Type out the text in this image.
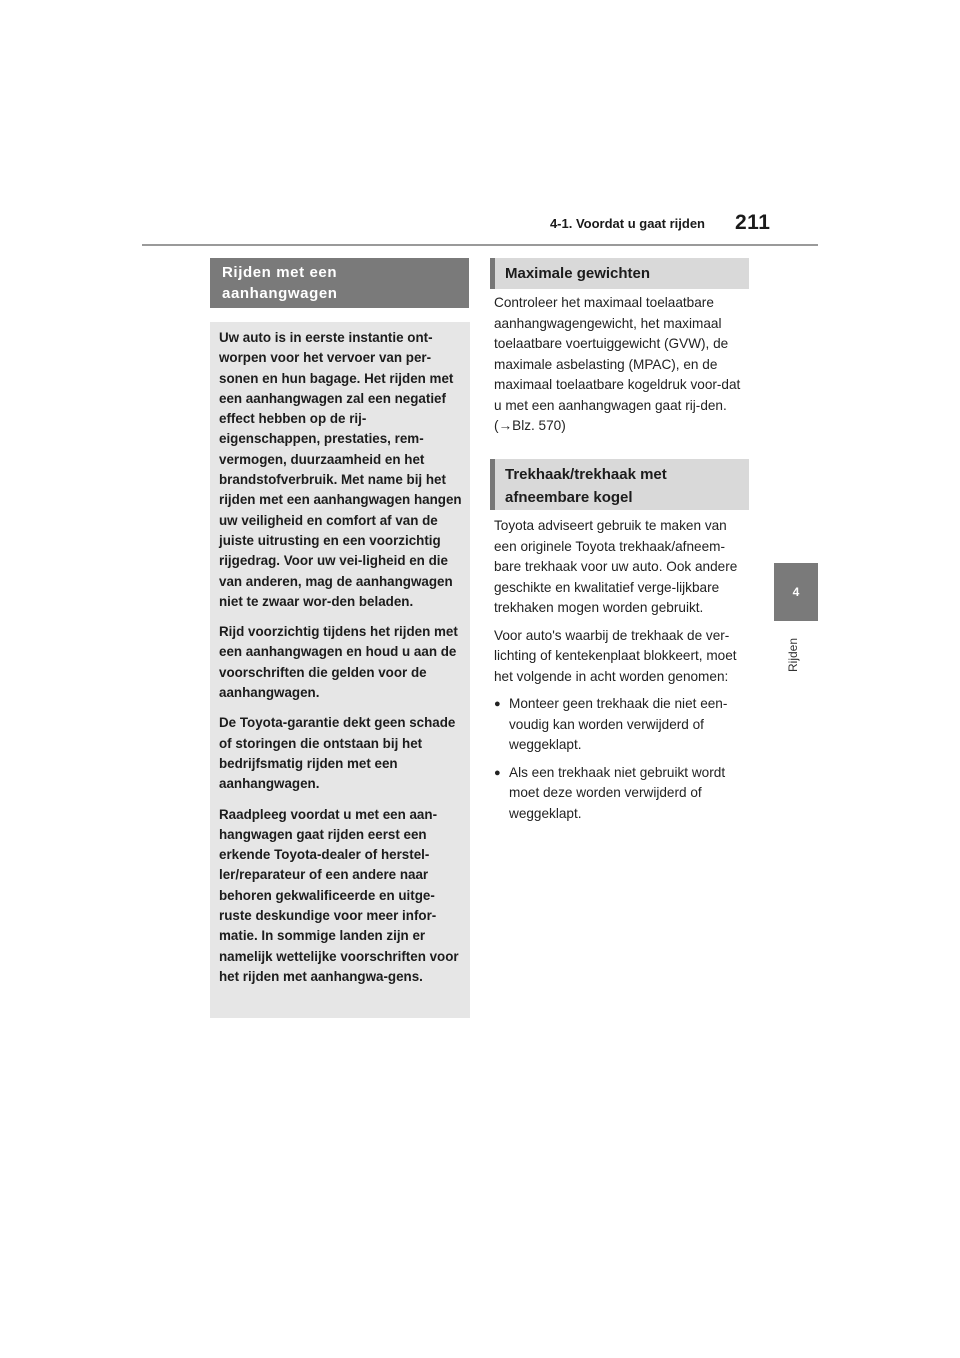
4-1. Voordat u gaat rijden 211
4
Rijden
Rijden met een aanhangwagen

Uw auto is in eerste instantie ont-worpen voor het vervoer van per-sonen en hun bagage. Het rijden met een aanhangwagen zal een negatief effect hebben op de rij-eigenschappen, prestaties, rem-vermogen, duurzaamheid en het brandstofverbruik. Met name bij het rijden met een aanhangwagen hangen uw veiligheid en comfort af van de juiste uitrusting en een voorzichtig rijgedrag. Voor uw vei-ligheid en die van anderen, mag de aanhangwagen niet te zwaar wor-den beladen.

Rijd voorzichtig tijdens het rijden met een aanhangwagen en houd u aan de voorschriften die gelden voor de aanhangwagen.

De Toyota-garantie dekt geen schade of storingen die ontstaan bij het bedrijfsmatig rijden met een aanhangwagen.

Raadpleeg voordat u met een aan-hangwagen gaat rijden eerst een erkende Toyota-dealer of herstel-ler/reparateur of een andere naar behoren gekwalificeerde en uitge-ruste deskundige voor meer infor-matie. In sommige landen zijn er namelijk wettelijke voorschriften voor het rijden met aanhangwa-gens.

Maximale gewichten

Controleer het maximaal toelaatbare aanhangwagengewicht, het maximaal toelaatbare voertuiggewicht (GVW), de maximale asbelasting (MPAC), en de maximaal toelaatbare kogeldruk voor-dat u met een aanhangwagen gaat rij-den. (→Blz. 570)

Trekhaak/trekhaak met afneembare kogel

Toyota adviseert gebruik te maken van een originele Toyota trekhaak/afneem-bare trekhaak voor uw auto. Ook andere geschikte en kwalitatief verge-lijkbare trekhaken mogen worden gebruikt.

Voor auto's waarbij de trekhaak de ver-lichting of kentekenplaat blokkeert, moet het volgende in acht worden genomen:

● Monteer geen trekhaak die niet een-voudig kan worden verwijderd of weggeklapt.
● Als een trekhaak niet gebruikt wordt moet deze worden verwijderd of weggeklapt.
